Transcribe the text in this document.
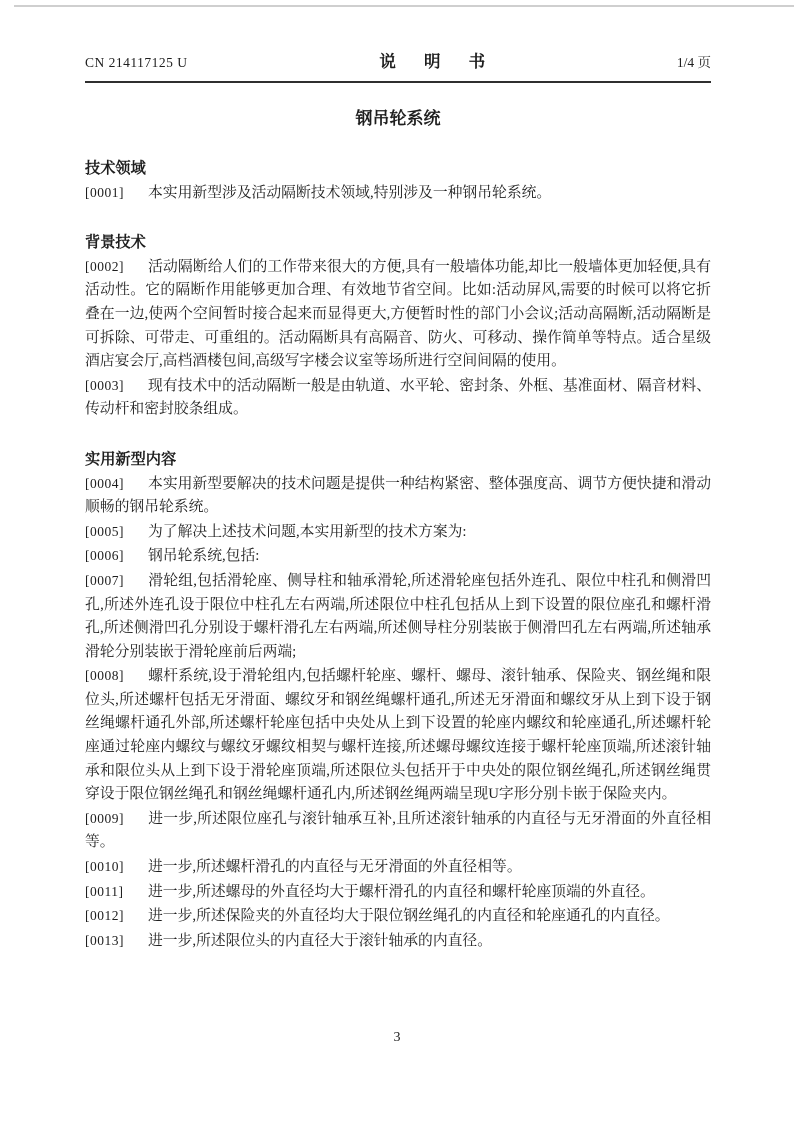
CN 214117125 U	说 明 书	1/4 页
钢吊轮系统
技术领域

[0001] 本实用新型涉及活动隔断技术领域,特别涉及一种钢吊轮系统。

背景技术

[0002] 活动隔断给人们的工作带来很大的方便,具有一般墙体功能,却比一般墙体更加轻便,具有活动性。它的隔断作用能够更加合理、有效地节省空间。比如:活动屏风,需要的时候可以将它折叠在一边,使两个空间暂时接合起来而显得更大,方便暂时性的部门小会议;活动高隔断,活动隔断是可拆除、可带走、可重组的。活动隔断具有高隔音、防火、可移动、操作简单等特点。适合星级酒店宴会厅,高档酒楼包间,高级写字楼会议室等场所进行空间间隔的使用。

[0003] 现有技术中的活动隔断一般是由轨道、水平轮、密封条、外框、基准面材、隔音材料、传动杆和密封胶条组成。

实用新型内容

[0004] 本实用新型要解决的技术问题是提供一种结构紧密、整体强度高、调节方便快捷和滑动顺畅的钢吊轮系统。

[0005] 为了解决上述技术问题,本实用新型的技术方案为:

[0006] 钢吊轮系统,包括:

[0007] 滑轮组,包括滑轮座、侧导柱和轴承滑轮,所述滑轮座包括外连孔、限位中柱孔和侧滑凹孔,所述外连孔设于限位中柱孔左右两端,所述限位中柱孔包括从上到下设置的限位座孔和螺杆滑孔,所述侧滑凹孔分别设于螺杆滑孔左右两端,所述侧导柱分别装嵌于侧滑凹孔左右两端,所述轴承滑轮分别装嵌于滑轮座前后两端;

[0008] 螺杆系统,设于滑轮组内,包括螺杆轮座、螺杆、螺母、滚针轴承、保险夹、钢丝绳和限位头,所述螺杆包括无牙滑面、螺纹牙和钢丝绳螺杆通孔,所述无牙滑面和螺纹牙从上到下设于钢丝绳螺杆通孔外部,所述螺杆轮座包括中央处从上到下设置的轮座内螺纹和轮座通孔,所述螺杆轮座通过轮座内螺纹与螺纹牙螺纹相契与螺杆连接,所述螺母螺纹连接于螺杆轮座顶端,所述滚针轴承和限位头从上到下设于滑轮座顶端,所述限位头包括开于中央处的限位钢丝绳孔,所述钢丝绳贯穿设于限位钢丝绳孔和钢丝绳螺杆通孔内,所述钢丝绳两端呈现U字形分别卡嵌于保险夹内。

[0009] 进一步,所述限位座孔与滚针轴承互补,且所述滚针轴承的内直径与无牙滑面的外直径相等。

[0010] 进一步,所述螺杆滑孔的内直径与无牙滑面的外直径相等。

[0011] 进一步,所述螺母的外直径均大于螺杆滑孔的内直径和螺杆轮座顶端的外直径。

[0012] 进一步,所述保险夹的外直径均大于限位钢丝绳孔的内直径和轮座通孔的内直径。

[0013] 进一步,所述限位头的内直径大于滚针轴承的内直径。

3
